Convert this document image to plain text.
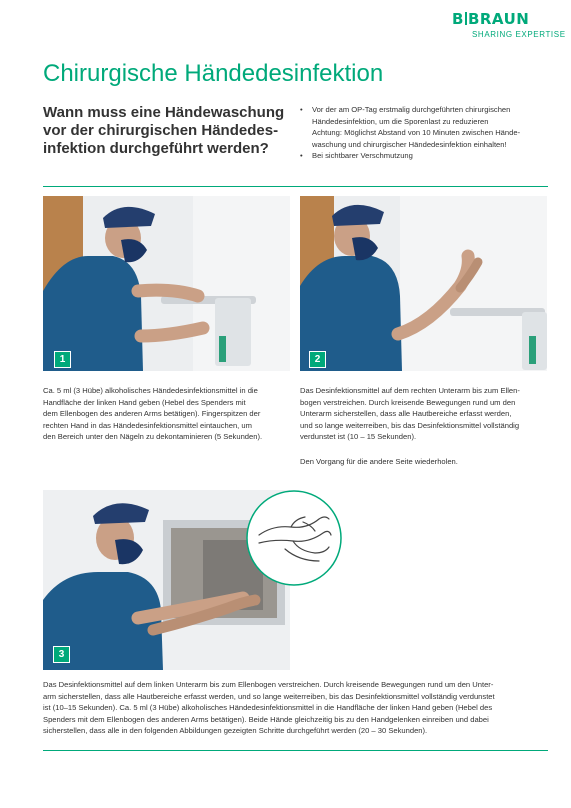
B BRAUN
SHARING EXPERTISE
Chirurgische Händedesinfektion
Wann muss eine Händewaschung
vor der chirurgischen Händedes-
infektion durchgeführt werden?
• Vor der am OP-Tag erstmalig durchgeführten chirurgischen
Händedesinfektion, um die Sporenlast zu reduzieren
Achtung: Möglichst Abstand von 10 Minuten zwischen Hände-
waschung und chirurgischer Händedesinfektion einhalten!
• Bei sichtbarer Verschmutzung
1	2

Ca. 5 ml (3 Hübe) alkoholisches Händedesinfektionsmittel in die
Handfläche der linken Hand geben (Hebel des Spenders mit
dem Ellenbogen des anderen Arms betätigen). Fingerspitzen der
rechten Hand in das Händedesinfektionsmittel eintauchen, um
den Bereich unter den Nägeln zu dekontaminieren (5 Sekunden).

Das Desinfektionsmittel auf dem rechten Unterarm bis zum Ellen-
bogen verstreichen. Durch kreisende Bewegungen rund um den
Unterarm sicherstellen, dass alle Hautbereiche erfasst werden,
und so lange weiterreiben, bis das Desinfektionsmittel vollständig
verdunstet ist (10 – 15 Sekunden).

Den Vorgang für die andere Seite wiederholen.

3

Das Desinfektionsmittel auf dem linken Unterarm bis zum Ellenbogen verstreichen. Durch kreisende Bewegungen rund um den Unter-
arm sicherstellen, dass alle Hautbereiche erfasst werden, und so lange weiterreiben, bis das Desinfektionsmittel vollständig verdunstet
ist (10–15 Sekunden). Ca. 5 ml (3 Hübe) alkoholisches Händedesinfektionsmittel in die Handfläche der linken Hand geben (Hebel des
Spenders mit dem Ellenbogen des anderen Arms betätigen). Beide Hände gleichzeitig bis zu den Handgelenken einreiben und dabei
sicherstellen, dass alle in den folgenden Abbildungen gezeigten Schritte durchgeführt werden (20 – 30 Sekunden).
